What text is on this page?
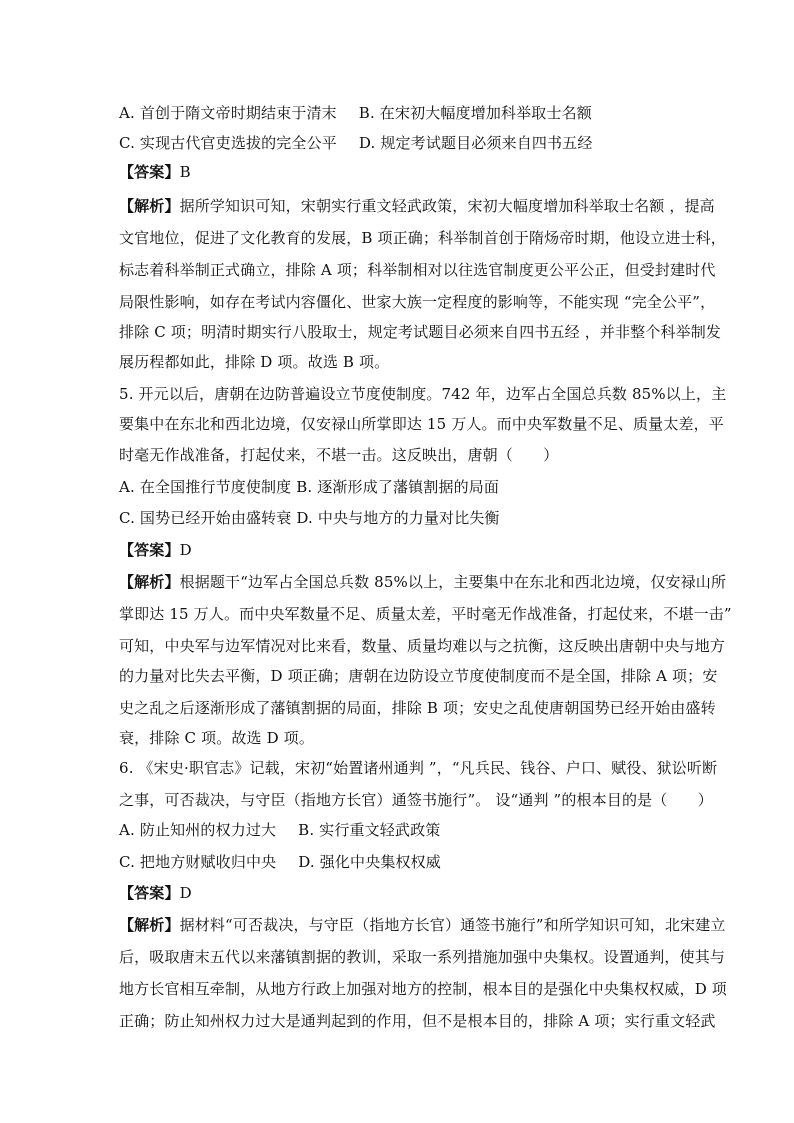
A. 首创于隋文帝时期结束于清末 B. 在宋初大幅度增加科举取士名额
C. 实现古代官吏选拔的完全公平 D. 规定考试题目必须来自四书五经
【答案】B
【解析】据所学知识可知，宋朝实行重文轻武政策，宋初大幅度增加科举取士名额 ，提高
文官地位，促进了文化教育的发展，B 项正确；科举制首创于隋炀帝时期，他设立进士科，
标志着科举制正式确立，排除 A 项；科举制相对以往选官制度更公平公正，但受封建时代
局限性影响，如存在考试内容僵化、世家大族一定程度的影响等，不能实现 “完全公平”，
排除 C 项；明清时期实行八股取士，规定考试题目必须来自四书五经 ，并非整个科举制发
展历程都如此，排除 D 项。故选 B 项。
5. 开元以后，唐朝在边防普遍设立节度使制度。742 年，边军占全国总兵数 85%以上，主
要集中在东北和西北边境，仅安禄山所掌即达 15 万人。而中央军数量不足、质量太差，平
时毫无作战准备，打起仗来，不堪一击。这反映出，唐朝（　　）
A. 在全国推行节度使制度 B. 逐渐形成了藩镇割据的局面
C. 国势已经开始由盛转衰 D. 中央与地方的力量对比失衡
【答案】D
【解析】根据题干“边军占全国总兵数 85%以上，主要集中在东北和西北边境，仅安禄山所
掌即达 15 万人。而中央军数量不足、质量太差，平时毫无作战准备，打起仗来，不堪一击”
可知，中央军与边军情况对比来看，数量、质量均难以与之抗衡，这反映出唐朝中央与地方
的力量对比失去平衡，D 项正确；唐朝在边防设立节度使制度而不是全国，排除 A 项；安
史之乱之后逐渐形成了藩镇割据的局面，排除 B 项；安史之乱使唐朝国势已经开始由盛转
衰，排除 C 项。故选 D 项。
6. 《宋史·职官志》记载，宋初“始置诸州通判 ”，“凡兵民、钱谷、户口、赋役、狱讼听断
之事，可否裁决，与守臣（指地方长官）通签书施行”。 设“通判 ”的根本目的是（　　）
A. 防止知州的权力过大 B. 实行重文轻武政策
C. 把地方财赋收归中央 D. 强化中央集权权威
【答案】D
【解析】据材料“可否裁决，与守臣（指地方长官）通签书施行”和所学知识可知，北宋建立
后，吸取唐末五代以来藩镇割据的教训，采取一系列措施加强中央集权。设置通判，使其与
地方长官相互牵制，从地方行政上加强对地方的控制，根本目的是强化中央集权权威，D 项
正确；防止知州权力过大是通判起到的作用，但不是根本目的，排除 A 项；实行重文轻武
